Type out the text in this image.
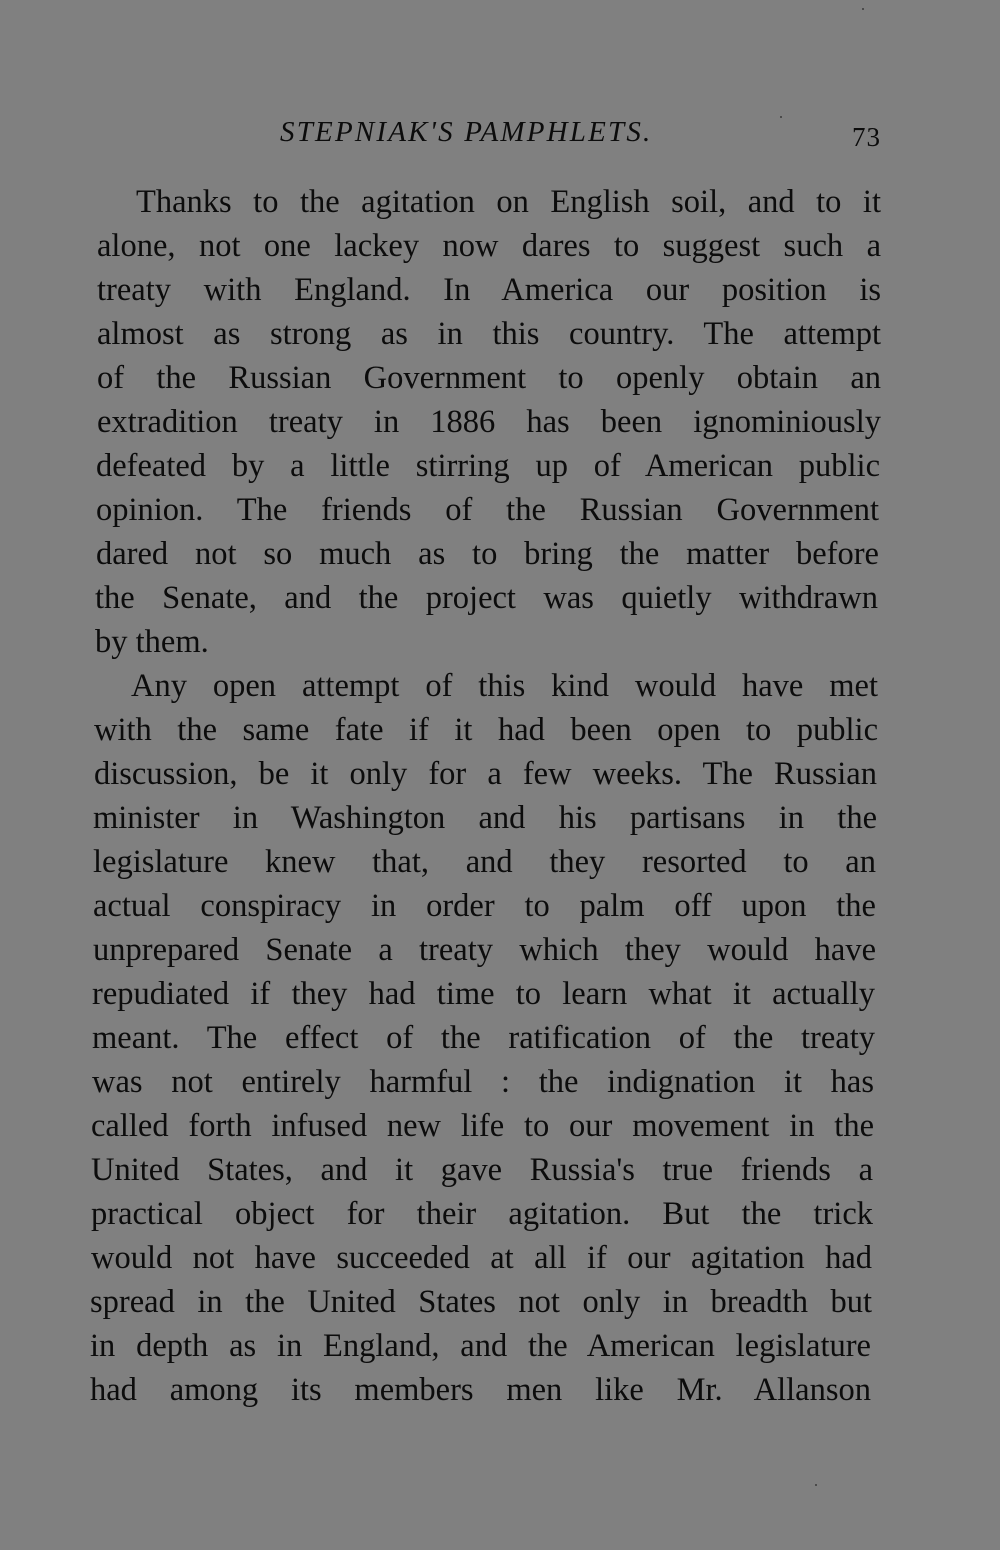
STEPNIAK'S PAMPHLETS.	73
Thanks to the agitation on English soil, and to it
alone, not one lackey now dares to suggest such a
treaty with England. In America our position is
almost as strong as in this country. The attempt
of the Russian Government to openly obtain an
extradition treaty in 1886 has been ignominiously
defeated by a little stirring up of American public
opinion. The friends of the Russian Government
dared not so much as to bring the matter before
the Senate, and the project was quietly withdrawn
by them.
Any open attempt of this kind would have met
with the same fate if it had been open to public
discussion, be it only for a few weeks. The Russian
minister in Washington and his partisans in the
legislature knew that, and they resorted to an
actual conspiracy in order to palm off upon the
unprepared Senate a treaty which they would have
repudiated if they had time to learn what it actually
meant. The effect of the ratification of the treaty
was not entirely harmful : the indignation it has
called forth infused new life to our movement in the
United States, and it gave Russia's true friends a
practical object for their agitation. But the trick
would not have succeeded at all if our agitation had
spread in the United States not only in breadth but
in depth as in England, and the American legislature
had among its members men like Mr. Allanson
